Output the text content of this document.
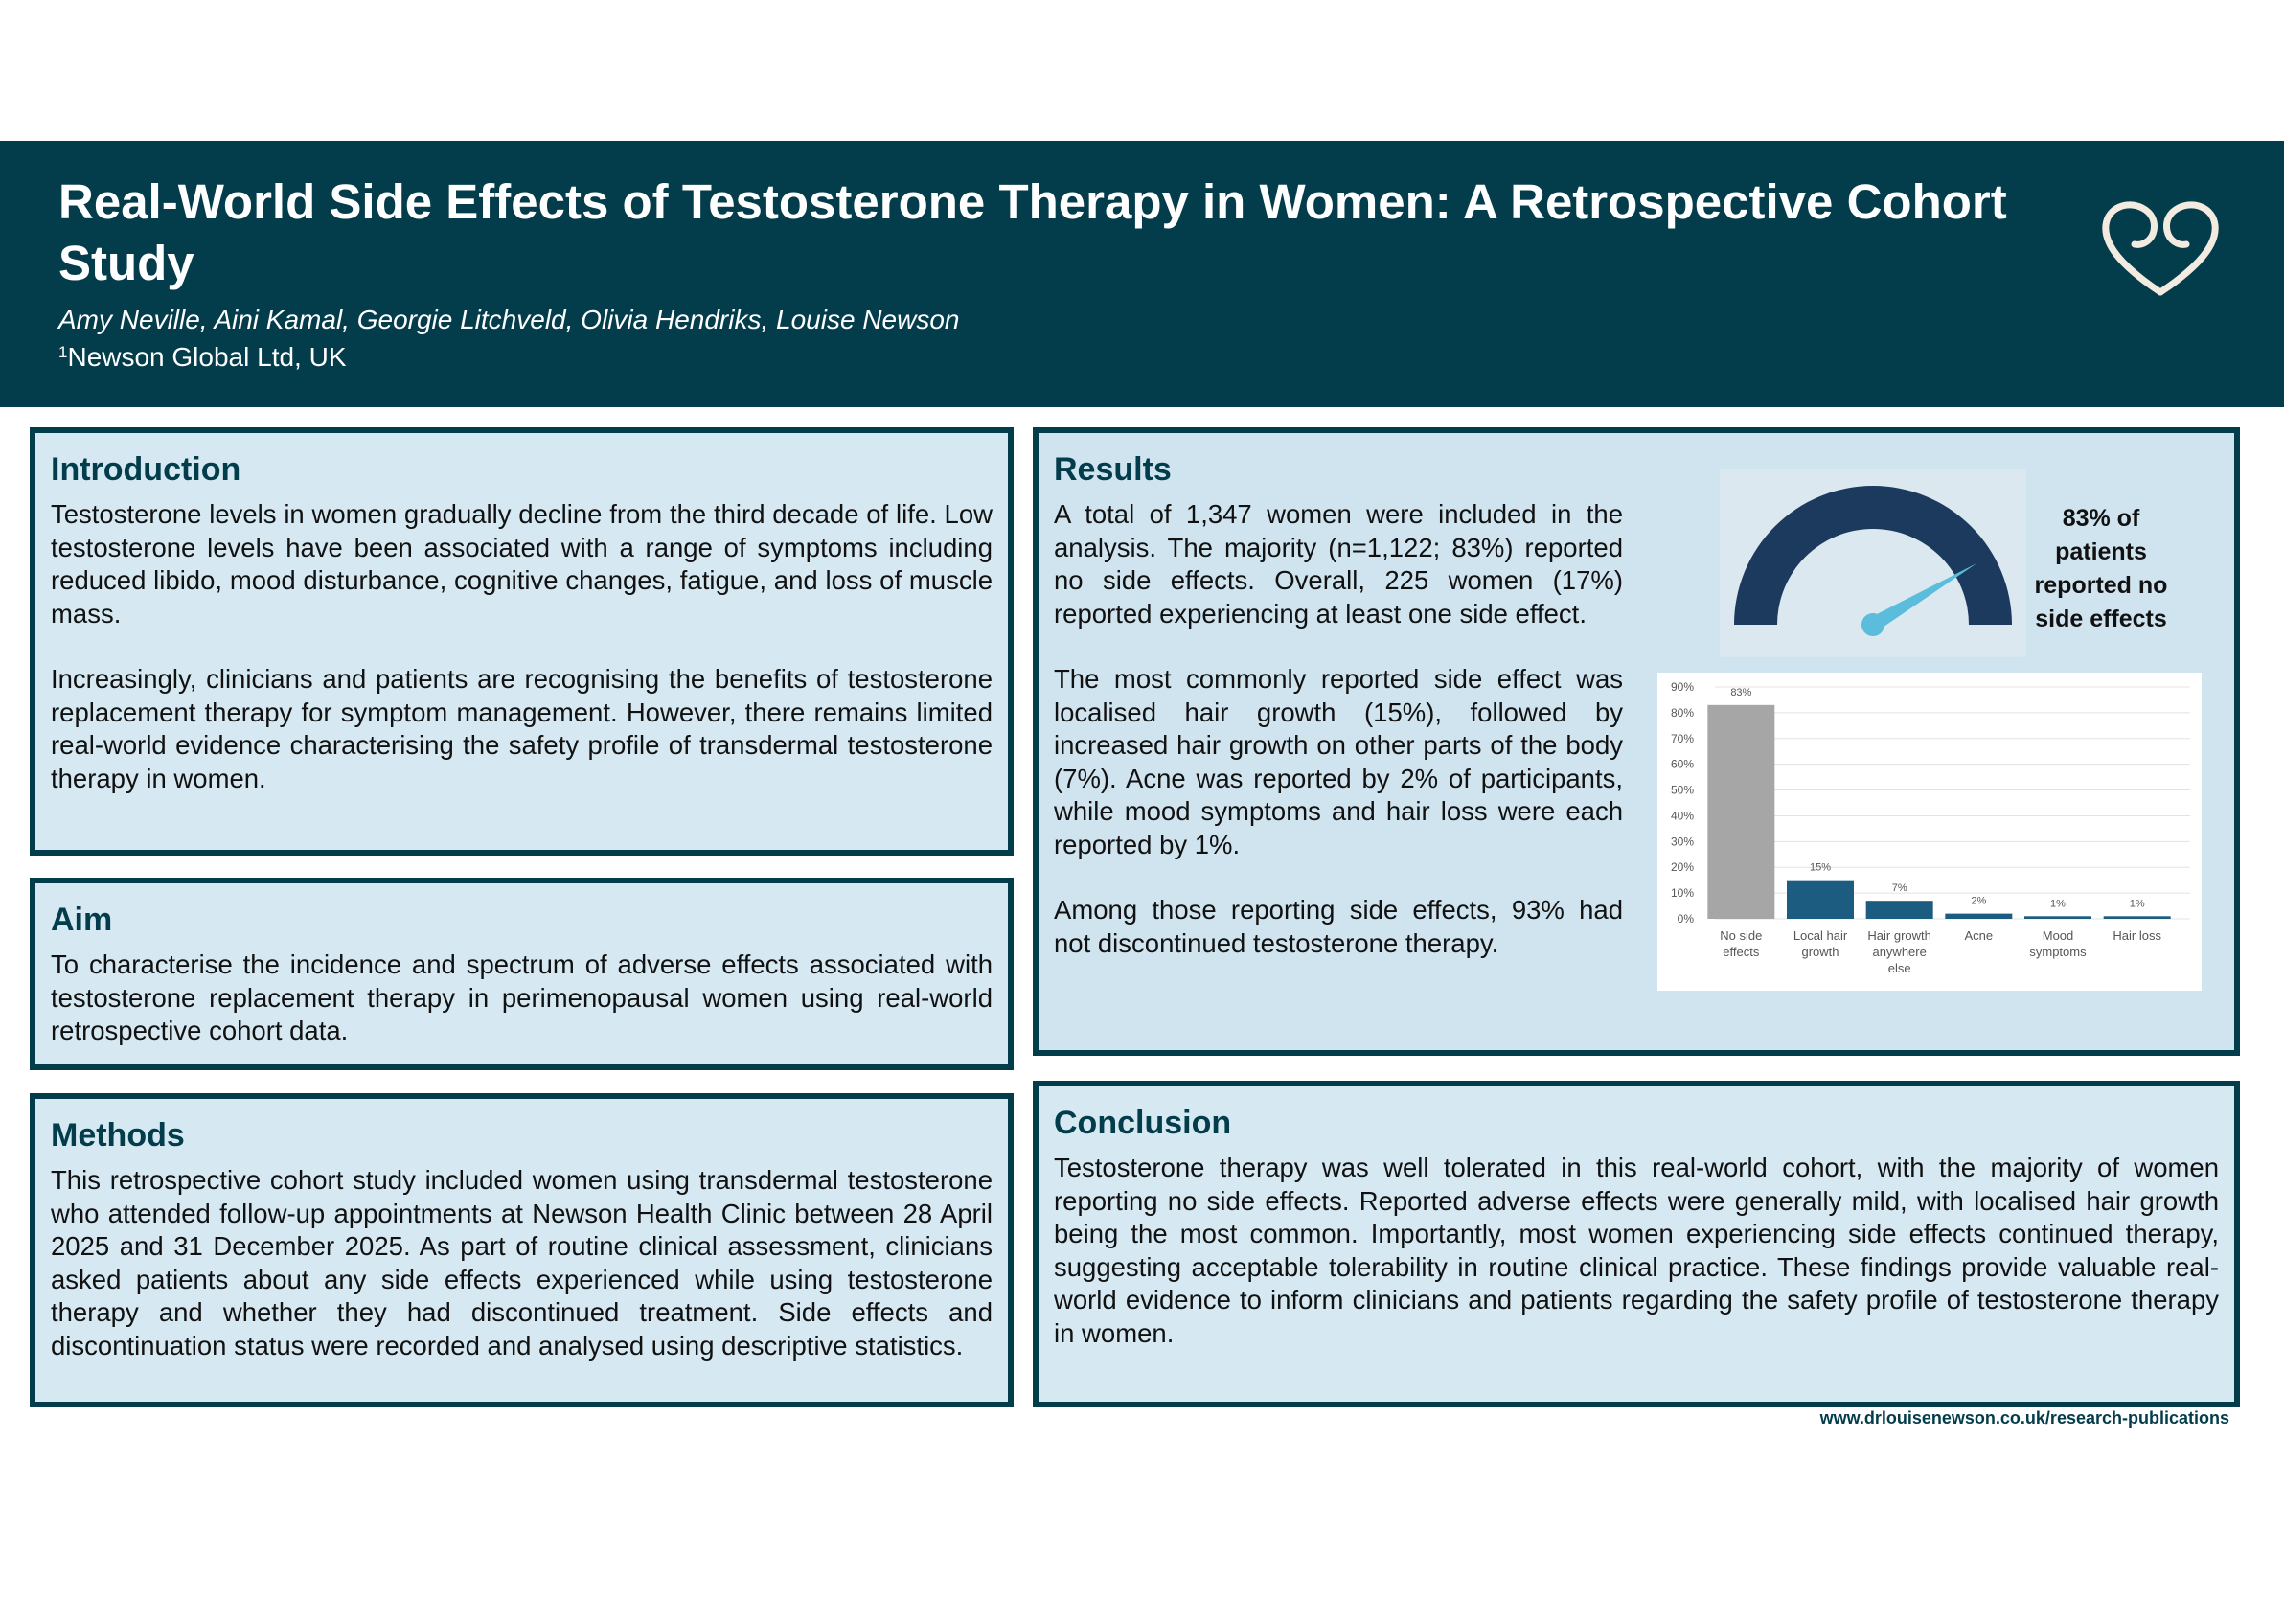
Real-World Side Effects of Testosterone Therapy in Women: A Retrospective Cohort Study
Amy Neville, Aini Kamal, Georgie Litchveld, Olivia Hendriks, Louise Newson
$^1$Newson Global Ltd, UK
Introduction

Testosterone levels in women gradually decline from the third decade of life. Low testosterone levels have been associated with a range of symptoms including reduced libido, mood disturbance, cognitive changes, fatigue, and loss of muscle mass.

Increasingly, clinicians and patients are recognising the benefits of testosterone replacement therapy for symptom management. However, there remains limited real-world evidence characterising the safety profile of transdermal testosterone therapy in women.

Aim

To characterise the incidence and spectrum of adverse effects associated with testosterone replacement therapy in perimenopausal women using real-world retrospective cohort data.

Methods

This retrospective cohort study included women using transdermal testosterone who attended follow-up appointments at Newson Health Clinic between 28 April 2025 and 31 December 2025. As part of routine clinical assessment, clinicians asked patients about any side effects experienced while using testosterone therapy and whether they had discontinued treatment. Side effects and discontinuation status were recorded and analysed using descriptive statistics.

Results

A total of 1,347 women were included in the analysis. The majority (n=1,122; 83%) reported no side effects. Overall, 225 women (17%) reported experiencing at least one side effect.

The most commonly reported side effect was localised hair growth (15%), followed by increased hair growth on other parts of the body (7%). Acne was reported by 2% of participants, while mood symptoms and hair loss were each reported by 1%.

Among those reporting side effects, 93% had not discontinued testosterone therapy.

83% of patients reported no side effects
0%
10%
20%
30%
40%
50%
60%
70%
80%
90%	83%
No side
effects
15%
Local hair
growth
7%
Hair growth
anywhere
else
2%
Acne
1%
Mood
symptoms
1%
Hair loss
Conclusion

Testosterone therapy was well tolerated in this real-world cohort, with the majority of women reporting no side effects. Reported adverse effects were generally mild, with localised hair growth being the most common. Importantly, most women experiencing side effects continued therapy, suggesting acceptable tolerability in routine clinical practice. These findings provide valuable real-world evidence to inform clinicians and patients regarding the safety profile of testosterone therapy in women.

www.drlouisenewson.co.uk/research-publications
